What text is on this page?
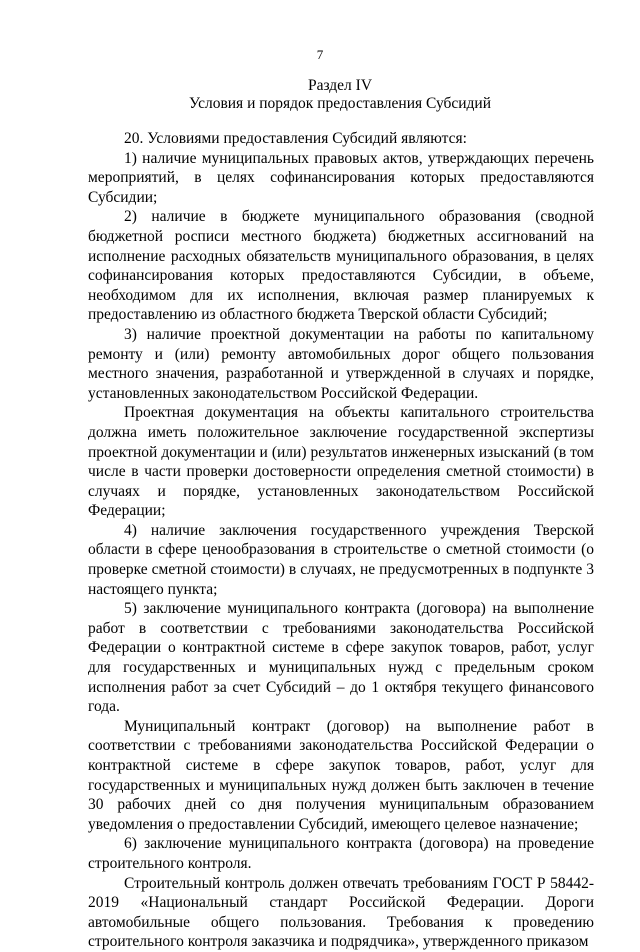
7
Раздел IV
Условия и порядок предоставления Субсидий

20. Условиями предоставления Субсидий являются:

1) наличие муниципальных правовых актов, утверждающих перечень мероприятий, в целях софинансирования которых предоставляются Субсидии;

2) наличие в бюджете муниципального образования (сводной бюджетной росписи местного бюджета) бюджетных ассигнований на исполнение расходных обязательств муниципального образования, в целях софинансирования которых предоставляются Субсидии, в объеме, необходимом для их исполнения, включая размер планируемых к предоставлению из областного бюджета Тверской области Субсидий;

3) наличие проектной документации на работы по капитальному ремонту и (или) ремонту автомобильных дорог общего пользования местного значения, разработанной и утвержденной в случаях и порядке, установленных законодательством Российской Федерации.

Проектная документация на объекты капитального строительства должна иметь положительное заключение государственной экспертизы проектной документации и (или) результатов инженерных изысканий (в том числе в части проверки достоверности определения сметной стоимости) в случаях и порядке, установленных законодательством Российской Федерации;

4) наличие заключения государственного учреждения Тверской области в сфере ценообразования в строительстве о сметной стоимости (о проверке сметной стоимости) в случаях, не предусмотренных в подпункте 3 настоящего пункта;

5) заключение муниципального контракта (договора) на выполнение работ в соответствии с требованиями законодательства Российской Федерации о контрактной системе в сфере закупок товаров, работ, услуг для государственных и муниципальных нужд с предельным сроком исполнения работ за счет Субсидий – до 1 октября текущего финансового года.

Муниципальный контракт (договор) на выполнение работ в соответствии с требованиями законодательства Российской Федерации о контрактной системе в сфере закупок товаров, работ, услуг для государственных и муниципальных нужд должен быть заключен в течение 30 рабочих дней со дня получения муниципальным образованием уведомления о предоставлении Субсидий, имеющего целевое назначение;

6) заключение муниципального контракта (договора) на проведение строительного контроля.

Строительный контроль должен отвечать требованиям ГОСТ Р 58442-2019 «Национальный стандарт Российской Федерации. Дороги автомобильные общего пользования. Требования к проведению строительного контроля заказчика и подрядчика», утвержденного приказом
